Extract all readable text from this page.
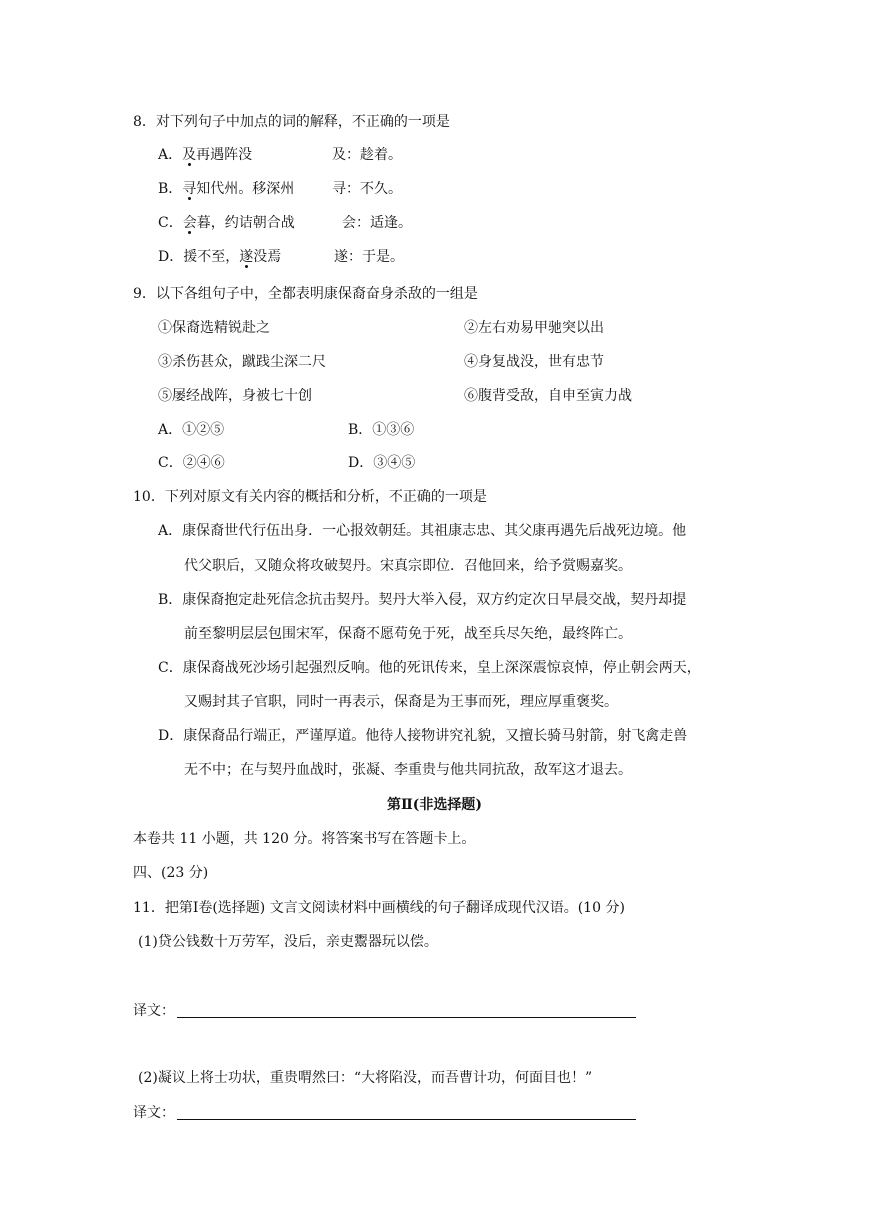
8．对下列句子中加点的词的解释，不正确的一项是
A．及再遇阵没	及：趁着。
B．寻知代州。移深州	寻：不久。
C．会暮，约诘朝合战	会：适逢。
D．援不至，遂没焉	遂：于是。
9．以下各组句子中，全都表明康保裔奋身杀敌的一组是
①保裔选精锐赴之	②左右劝易甲驰突以出
③杀伤甚众，蹴践尘深二尺	④身复战没，世有忠节
⑤屡经战阵，身被七十创	⑥腹背受敌，自申至寅力战
A．①②⑤	B．①③⑥
C．②④⑥	D．③④⑤
10．下列对原文有关内容的概括和分析，不正确的一项是
A．康保裔世代行伍出身．一心报效朝廷。其祖康志忠、其父康再遇先后战死边境。他
代父职后，又随众将攻破契丹。宋真宗即位．召他回来，给予赏赐嘉奖。
B．康保裔抱定赴死信念抗击契丹。契丹大举入侵，双方约定次日早晨交战，契丹却提
前至黎明层层包围宋军，保裔不愿苟免于死，战至兵尽矢绝，最终阵亡。
C．康保裔战死沙场引起强烈反响。他的死讯传来，皇上深深震惊哀悼，停止朝会两天，
又赐封其子官职，同时一再表示，保裔是为王事而死，理应厚重褒奖。
D．康保裔品行端正，严谨厚道。他待人接物讲究礼貌，又擅长骑马射箭，射飞禽走兽
无不中；在与契丹血战时，张凝、李重贵与他共同抗敌，敌军这才退去。
第Ⅱ(非选择题)
本卷共 11 小题，共 120 分。将答案书写在答题卡上。
四、(23 分)
11．把第Ⅰ卷(选择题) 文言文阅读材料中画横线的句子翻译成现代汉语。(10 分)
(1)贷公钱数十万劳军，没后，亲吏鬻器玩以偿。
译文：
(2)凝议上将士功状，重贵喟然曰：“大将陷没，而吾曹计功，何面目也！”
译文：
